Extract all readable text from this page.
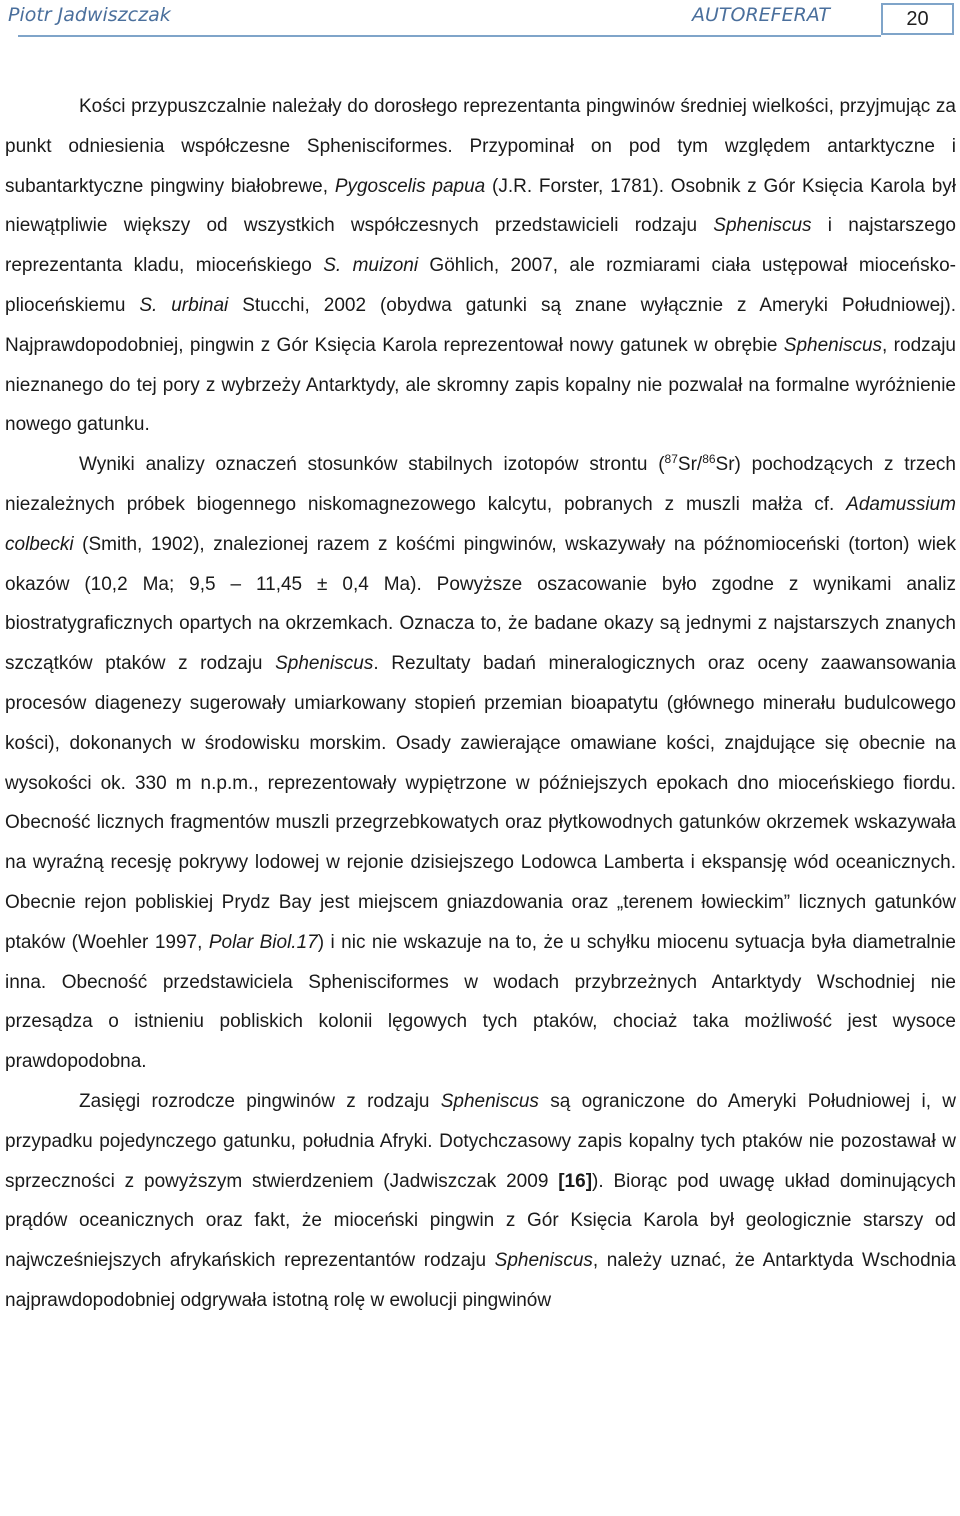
Piotr Jadwiszczak	AUTOREFERAT	20

Kości przypuszczalnie należały do dorosłego reprezentanta pingwinów średniej wielkości, przyjmując za punkt odniesienia współczesne Sphenisciformes. Przypominał on pod tym względem antarktyczne i subantarktyczne pingwiny białobrewe, Pygoscelis papua (J.R. Forster, 1781). Osobnik z Gór Księcia Karola był niewątpliwie większy od wszystkich współczesnych przedstawicieli rodzaju Spheniscus i najstarszego reprezentanta kladu, mioceńskiego S. muizoni Göhlich, 2007, ale rozmiarami ciała ustępował mioceńsko-plioceńskiemu S. urbinai Stucchi, 2002 (obydwa gatunki są znane wyłącznie z Ameryki Południowej). Najprawdopodobniej, pingwin z Gór Księcia Karola reprezentował nowy gatunek w obrębie Spheniscus, rodzaju nieznanego do tej pory z wybrzeży Antarktydy, ale skromny zapis kopalny nie pozwalał na formalne wyróżnienie nowego gatunku.

Wyniki analizy oznaczeń stosunków stabilnych izotopów strontu ($^{87}$Sr/$^{86}$Sr) pochodzących z trzech niezależnych próbek biogennego niskomagnezowego kalcytu, pobranych z muszli małża cf. Adamussium colbecki (Smith, 1902), znalezionej razem z kośćmi pingwinów, wskazywały na późnomioceński (torton) wiek okazów (10,2 Ma; 9,5 – 11,45 ± 0,4 Ma). Powyższe oszacowanie było zgodne z wynikami analiz biostratygraficznych opartych na okrzemkach. Oznacza to, że badane okazy są jednymi z najstarszych znanych szczątków ptaków z rodzaju Spheniscus. Rezultaty badań mineralogicznych oraz oceny zaawansowania procesów diagenezy sugerowały umiarkowany stopień przemian bioapatytu (głównego minerału budulcowego kości), dokonanych w środowisku morskim. Osady zawierające omawiane kości, znajdujące się obecnie na wysokości ok. 330 m n.p.m., reprezentowały wypiętrzone w późniejszych epokach dno mioceńskiego fiordu. Obecność licznych fragmentów muszli przegrzebkowatych oraz płytkowodnych gatunków okrzemek wskazywała na wyraźną recesję pokrywy lodowej w rejonie dzisiejszego Lodowca Lamberta i ekspansję wód oceanicznych. Obecnie rejon pobliskiej Prydz Bay jest miejscem gniazdowania oraz „terenem łowieckim” licznych gatunków ptaków (Woehler 1997, Polar Biol.17) i nic nie wskazuje na to, że u schyłku miocenu sytuacja była diametralnie inna. Obecność przedstawiciela Sphenisciformes w wodach przybrzeżnych Antarktydy Wschodniej nie przesądza o istnieniu pobliskich kolonii lęgowych tych ptaków, chociaż taka możliwość jest wysoce prawdopodobna.

Zasięgi rozrodcze pingwinów z rodzaju Spheniscus są ograniczone do Ameryki Południowej i, w przypadku pojedynczego gatunku, południa Afryki. Dotychczasowy zapis kopalny tych ptaków nie pozostawał w sprzeczności z powyższym stwierdzeniem (Jadwiszczak 2009 [16]). Biorąc pod uwagę układ dominujących prądów oceanicznych oraz fakt, że mioceński pingwin z Gór Księcia Karola był geologicznie starszy od najwcześniejszych afrykańskich reprezentantów rodzaju Spheniscus, należy uznać, że Antarktyda Wschodnia najprawdopodobniej odgrywała istotną rolę w ewolucji pingwinów
